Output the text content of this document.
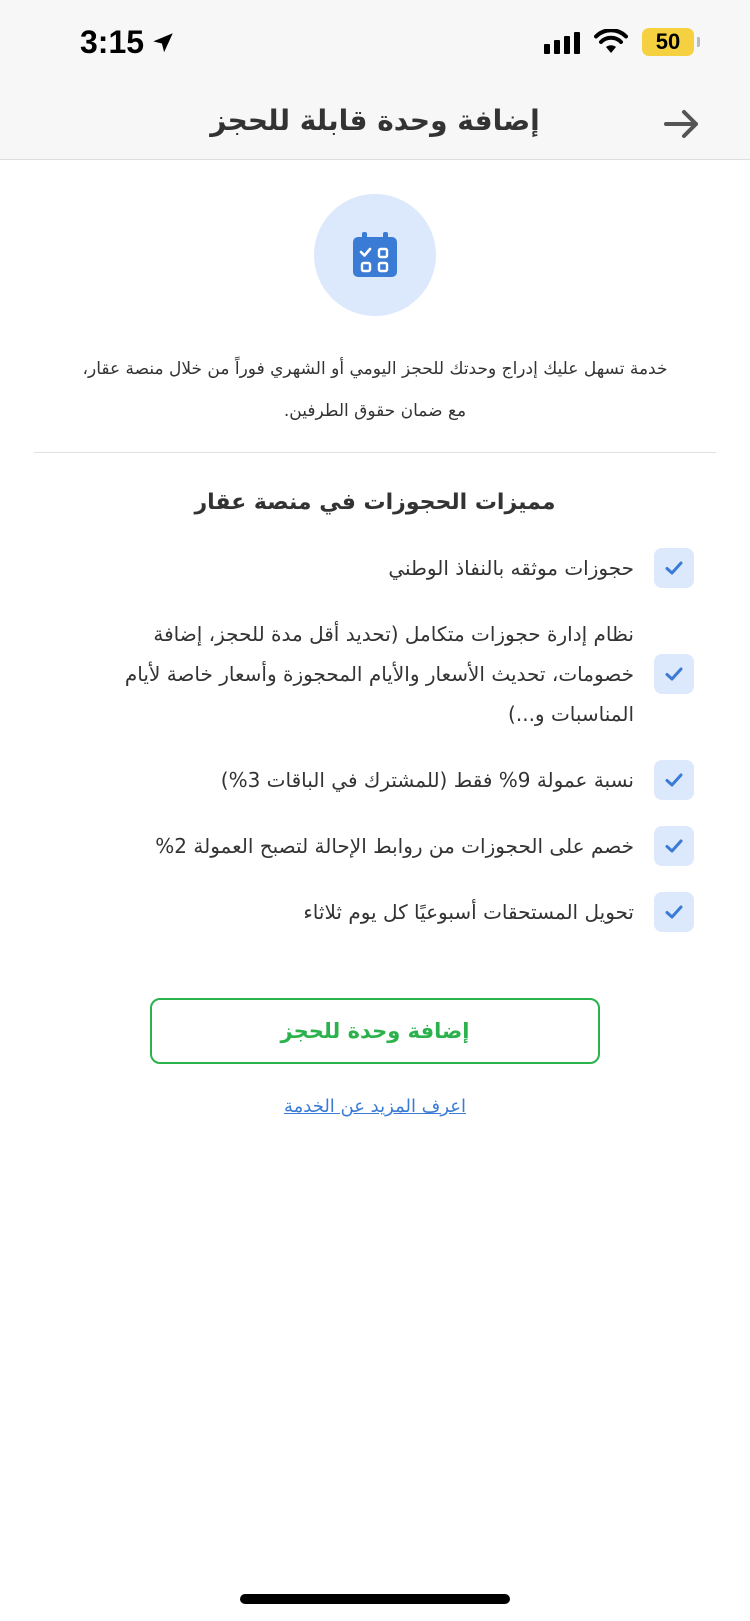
3:15	50
إضافة وحدة قابلة للحجز
خدمة تسهل عليك إدراج وحدتك للحجز اليومي أو الشهري فوراً من خلال منصة عقار،
مع ضمان حقوق الطرفين.
مميزات الحجوزات في منصة عقار
حجوزات موثقه بالنفاذ الوطني
نظام إدارة حجوزات متكامل (تحديد أقل مدة للحجز، إضافة خصومات، تحديث الأسعار والأيام المحجوزة وأسعار خاصة لأيام المناسبات و...)
نسبة عمولة 9% فقط (للمشترك في الباقات 3%)
خصم على الحجوزات من روابط الإحالة لتصبح العمولة 2%
تحويل المستحقات أسبوعيًا كل يوم ثلاثاء
إضافة وحدة للحجز
اعرف المزيد عن الخدمة
